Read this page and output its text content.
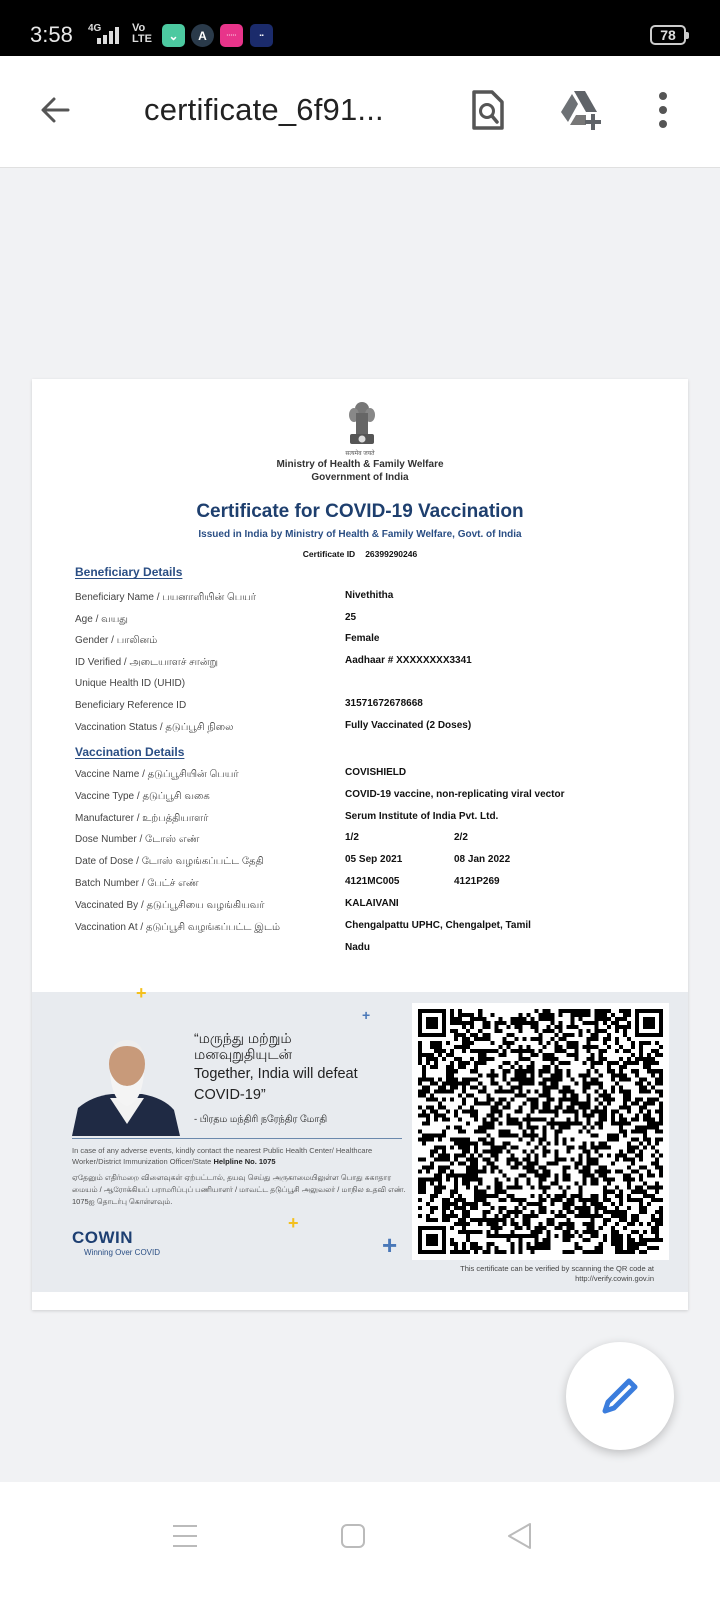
3:58 4G	Vo
LTE	⌄	A	·····	▪▪	78
certificate_6f91...
सत्यमेव जयते
Ministry of Health & Family Welfare
Government of India
Certificate for COVID-19 Vaccination
Issued in India by Ministry of Health & Family Welfare, Govt. of India
Certificate ID 26399290246
Beneficiary Details
Beneficiary Name / பயனாளியின் பெயர்	Nivethitha
Age / வயது	25
Gender / பாலினம்	Female
ID Verified / அடையாளச் சான்று	Aadhaar # XXXXXXXX3341
Unique Health ID (UHID)
Beneficiary Reference ID	31571672678668
Vaccination Status / தடுப்பூசி நிலை	Fully Vaccinated (2 Doses)
Vaccination Details
Vaccine Name / தடுப்பூசியின் பெயர்	COVISHIELD
Vaccine Type / தடுப்பூசி வகை	COVID-19 vaccine, non-replicating viral vector
Manufacturer / உற்பத்தியாளர்	Serum Institute of India Pvt. Ltd.
Dose Number / டோஸ் எண்	1/2	2/2
Date of Dose / டோஸ் வழங்கப்பட்ட தேதி	05 Sep 2021	08 Jan 2022
Batch Number / பேட்ச் எண்	4121MC005	4121P269
Vaccinated By / தடுப்பூசியை வழங்கியவர்	KALAIVANI
Vaccination At / தடுப்பூசி வழங்கப்பட்ட இடம்	Chengalpattu UPHC, Chengalpet, Tamil
Nadu
+
+
+
+
“மருந்து மற்றும்
மனவுறுதியுடன்
Together, India will defeat
COVID-19”
- பிரதம மந்திரி நரேந்திர மோதி
In case of any adverse events, kindly contact the nearest Public Health Center/ Healthcare Worker/District Immunization Officer/State Helpline No. 1075
ஏதேனும் எதிர்மறை விளைவுகள் ஏற்பட்டால், தயவு செய்து அருகாமையிலுள்ள பொது சுகாதார மையம் / ஆரோக்கியப் பராமரிப்புப் பணியாளர் / மாவட்ட தடுப்பூசி அலுவலர் / மாநில உதவி எண். 1075ஐ தொடர்பு கொள்ளவும்.
COWIN
Winning Over COVID
This certificate can be verified by scanning the QR code at
http://verify.cowin.gov.in
